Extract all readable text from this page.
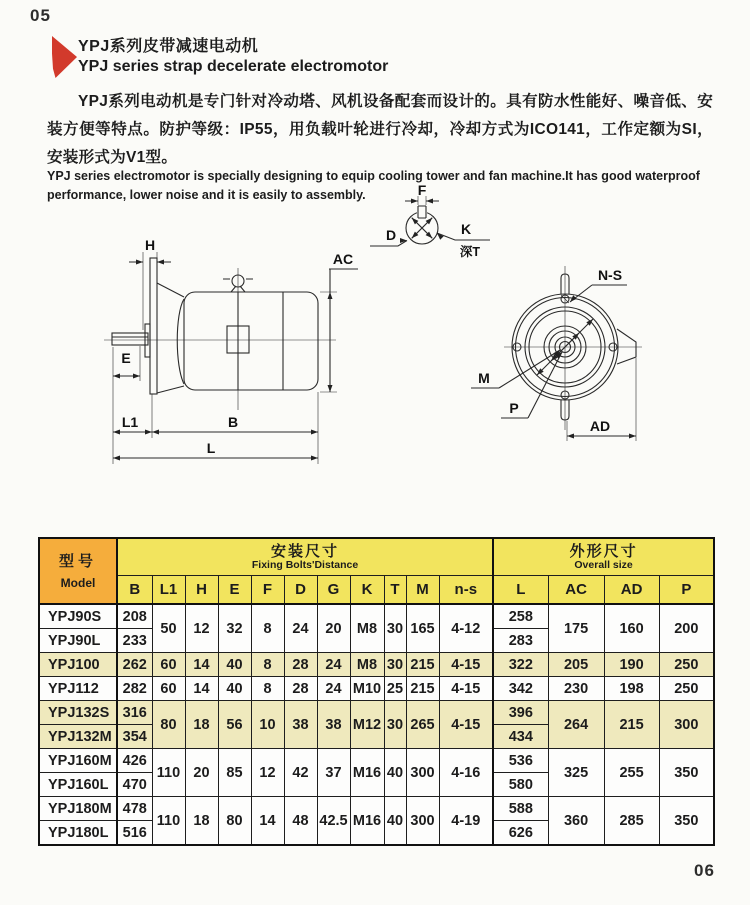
05
YPJ系列皮带减速电动机
YPJ series strap decelerate electromotor
YPJ系列电动机是专门针对冷动塔、风机设备配套而设计的。具有防水性能好、噪音低、安装方便等特点。防护等级：IP55，用负载叶轮进行冷却，冷却方式为ICO141，工作定额为SI，安装形式为V1型。
YPJ series electromotor is specially designing to equip cooling tower and fan machine.It has good waterproof performance, lower noise and it is easily to assembly.
H
AC
E
L1	B
L
F
D	K
深T
N-S
M
P
AD
型号
Model

安装尺寸
Fixing Bolts'Distance

外形尺寸
Overall size

	B	L1	H	E	F	D	G	K	T	M	n-s	L	AC	AD	P
YPJ90S	208	50	12	32	8	24	20	M8	30	165	4-12	258	175	160	200
YPJ90L	233											283			
YPJ100	262	60	14	40	8	28	24	M8	30	215	4-15	322	205	190	250
YPJ112	282	60	14	40	8	28	24	M10	25	215	4-15	342	230	198	250
YPJ132S	316	80	18	56	10	38	38	M12	30	265	4-15	396	264	215	300
YPJ132M	354											434			
YPJ160M	426	110	20	85	12	42	37	M16	40	300	4-16	536	325	255	350
YPJ160L	470											580			
YPJ180M	478	110	18	80	14	48	42.5	M16	40	300	4-19	588	360	285	350
YPJ180L	516											626			
06
